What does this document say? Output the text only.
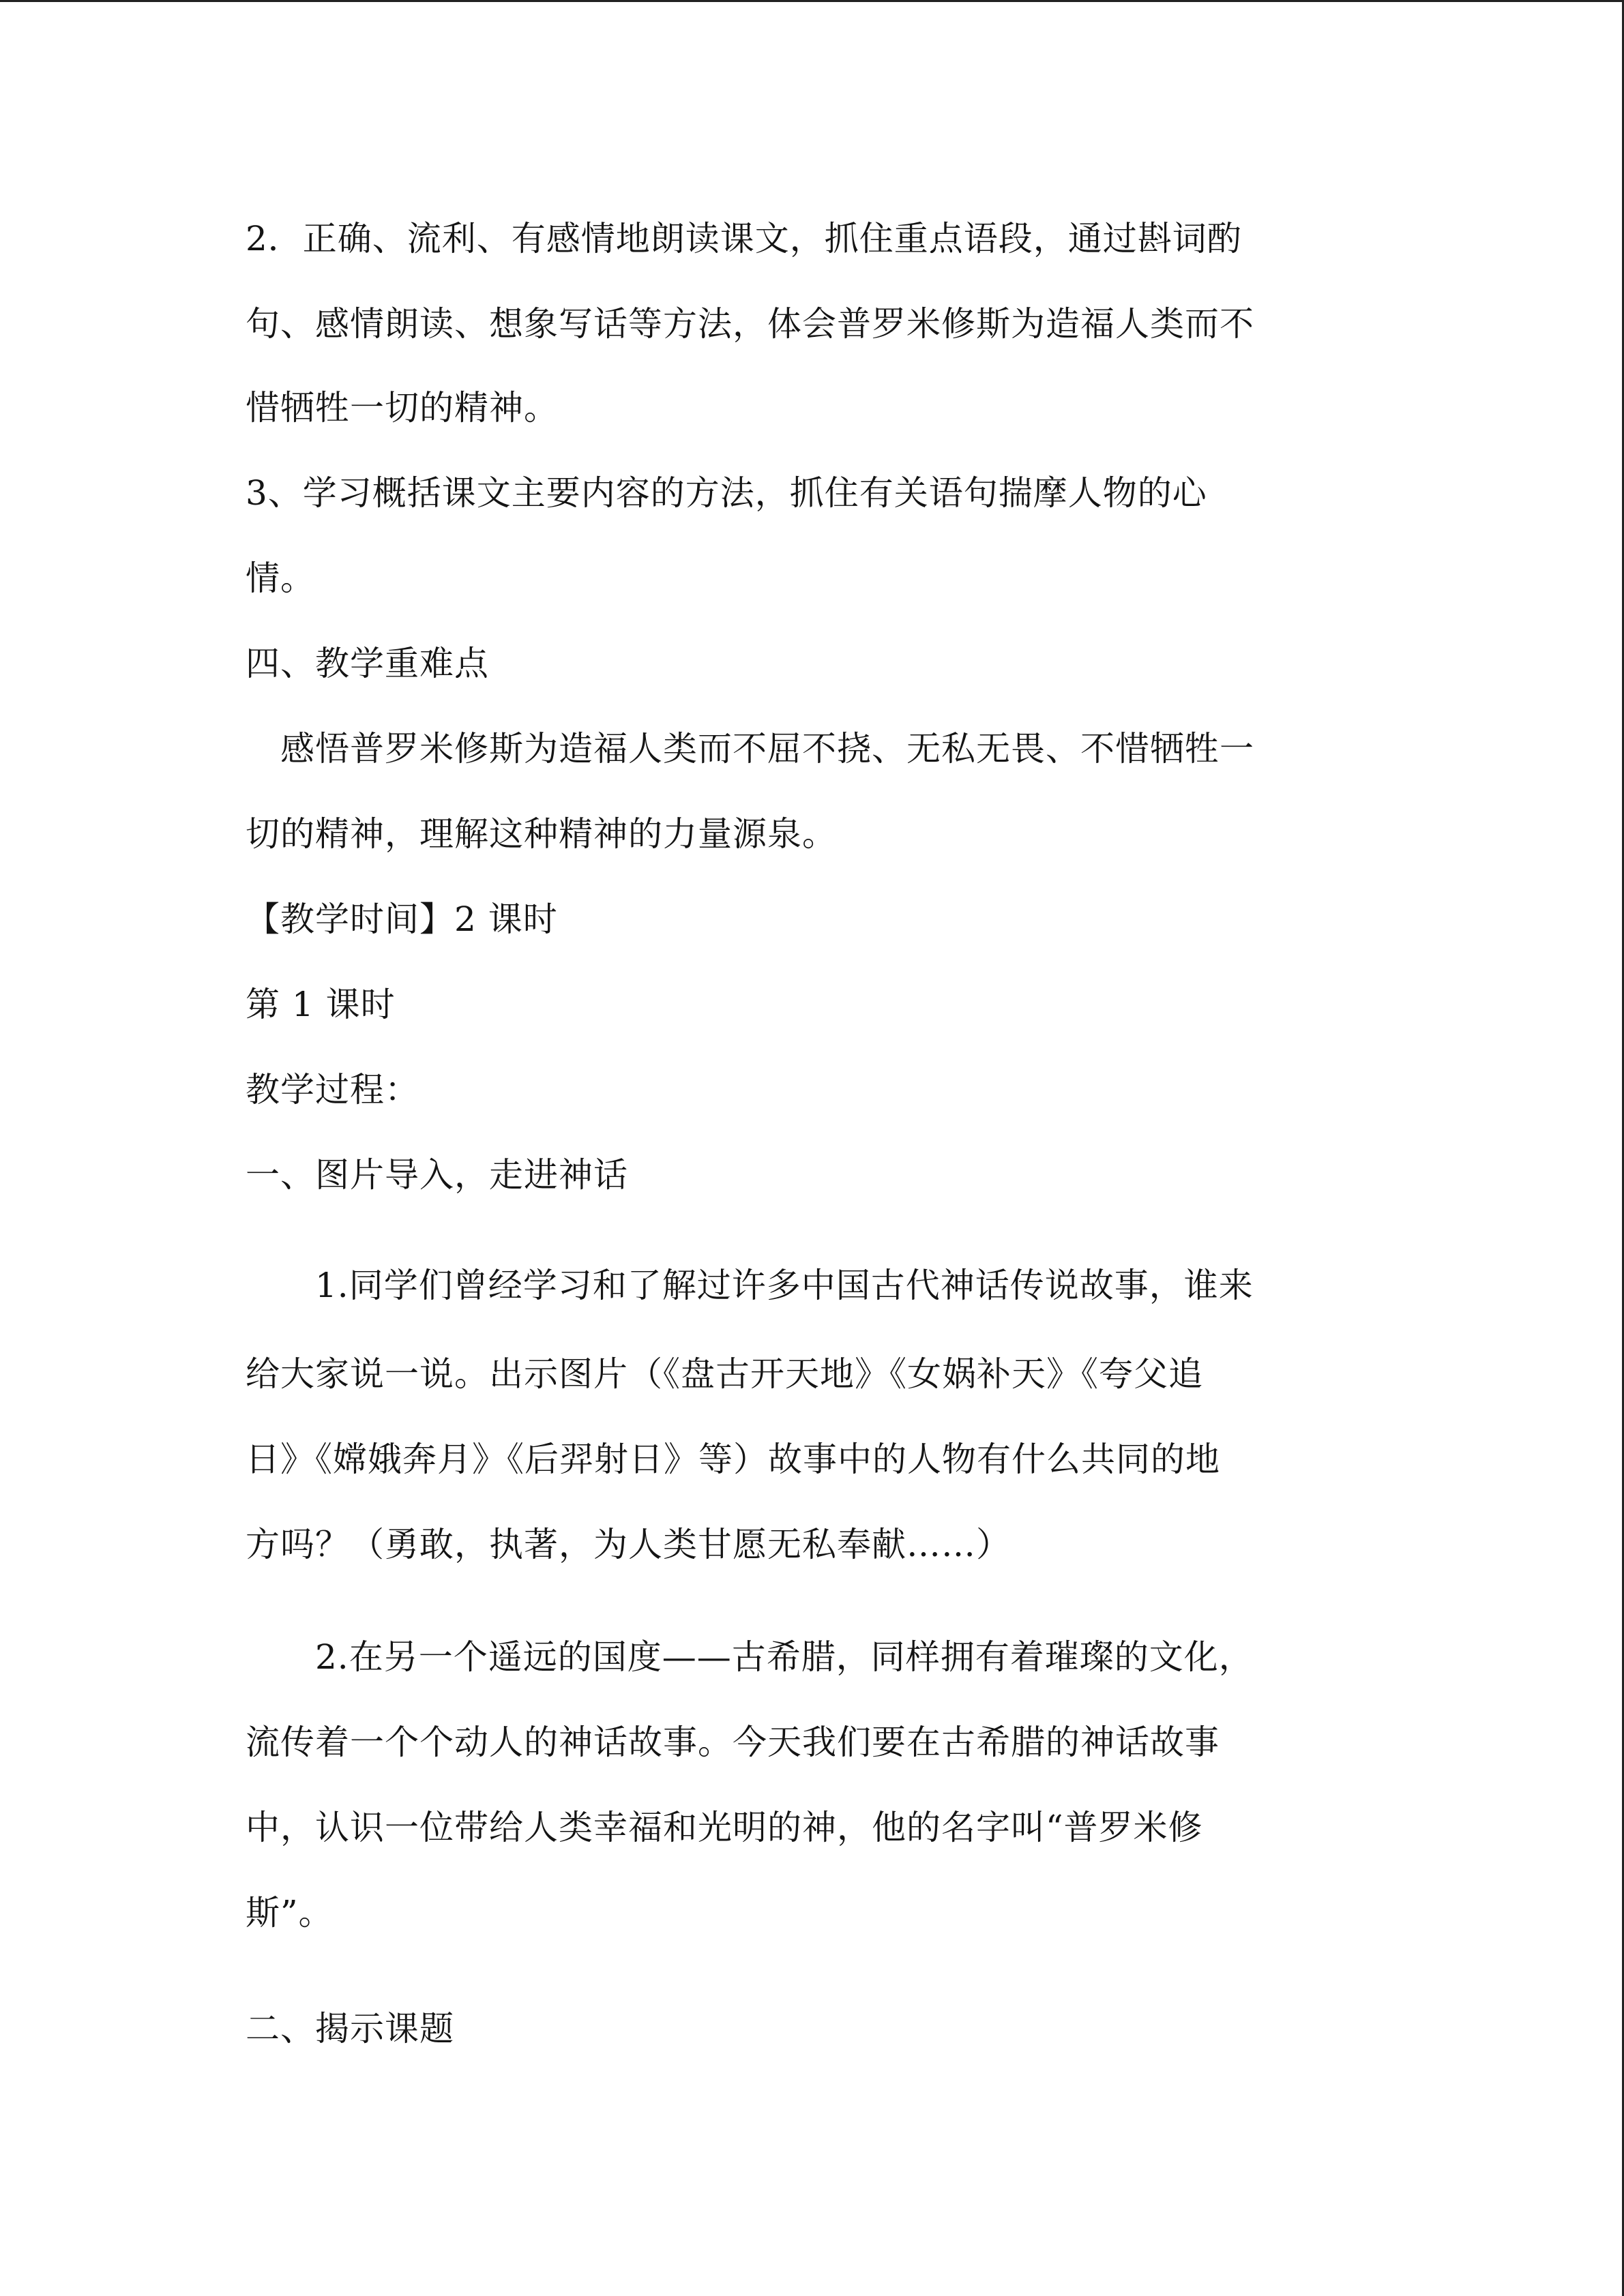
2．正确、流利、有感情地朗读课文，抓住重点语段，通过斟词酌
句、感情朗读、想象写话等方法，体会普罗米修斯为造福人类而不
惜牺牲一切的精神。
3、学习概括课文主要内容的方法，抓住有关语句揣摩人物的心
情。
四、教学重难点
　感悟普罗米修斯为造福人类而不屈不挠、无私无畏、不惜牺牲一
切的精神，理解这种精神的力量源泉。
【教学时间】2 课时
第 1 课时
教学过程：
一、图片导入，走进神话
　　1.同学们曾经学习和了解过许多中国古代神话传说故事，谁来
给大家说一说。出示图片（《盘古开天地》《女娲补天》《夸父追
日》《嫦娥奔月》《后羿射日》等）故事中的人物有什么共同的地
方吗？（勇敢，执著，为人类甘愿无私奉献……）
　　2.在另一个遥远的国度——古希腊，同样拥有着璀璨的文化，
流传着一个个动人的神话故事。今天我们要在古希腊的神话故事
中，认识一位带给人类幸福和光明的神，他的名字叫“普罗米修
斯”。
二、揭示课题
